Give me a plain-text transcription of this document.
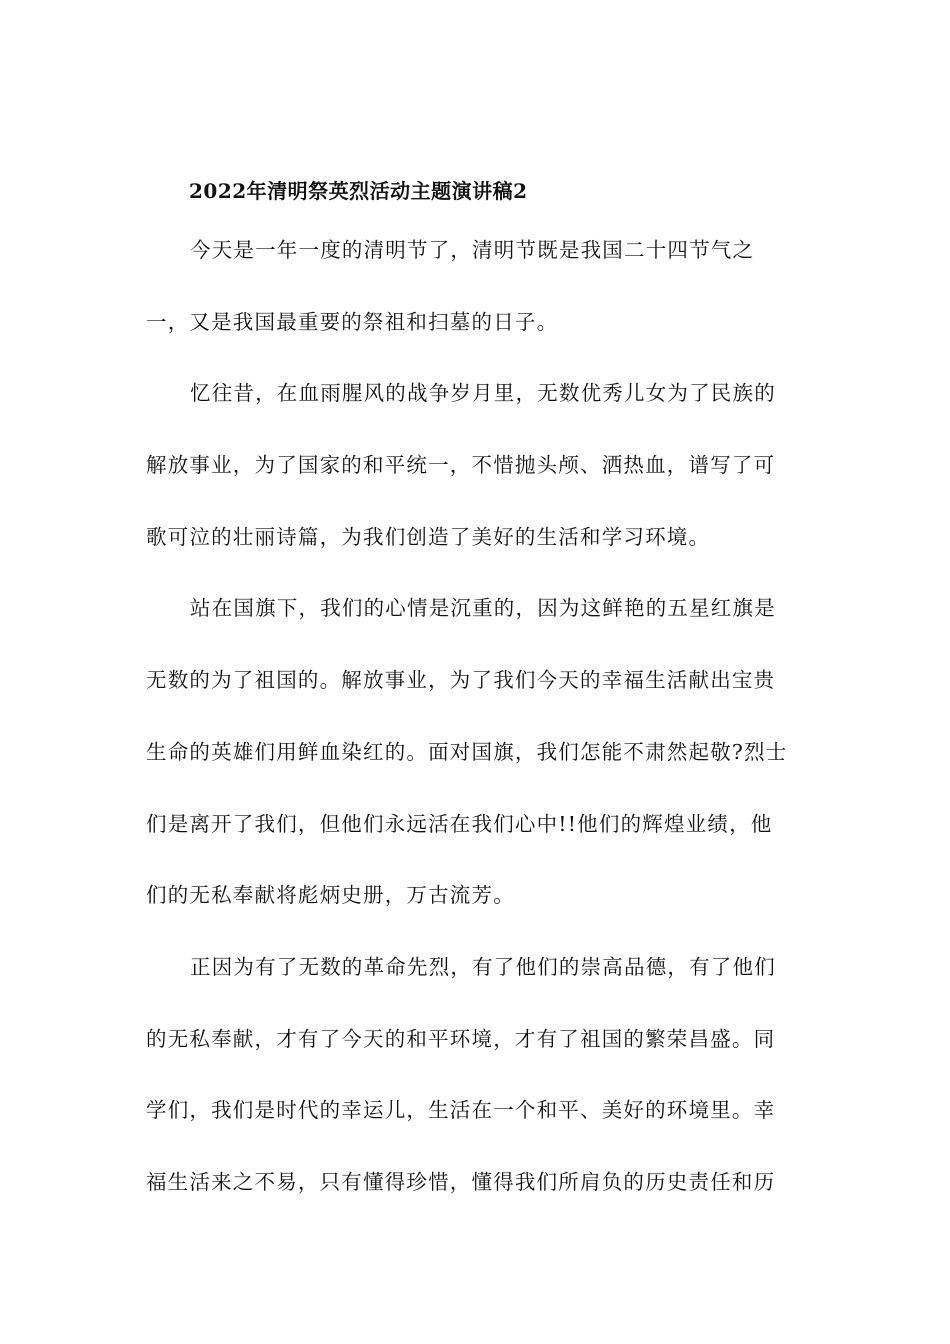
2022年清明祭英烈活动主题演讲稿2
今天是一年一度的清明节了，清明节既是我国二十四节气之
一，又是我国最重要的祭祖和扫墓的日子。
忆往昔，在血雨腥风的战争岁月里，无数优秀儿女为了民族的
解放事业，为了国家的和平统一，不惜抛头颅、洒热血，谱写了可
歌可泣的壮丽诗篇，为我们创造了美好的生活和学习环境。
站在国旗下，我们的心情是沉重的，因为这鲜艳的五星红旗是
无数的为了祖国的。解放事业，为了我们今天的幸福生活献出宝贵
生命的英雄们用鲜血染红的。面对国旗，我们怎能不肃然起敬?烈士
们是离开了我们，但他们永远活在我们心中!!他们的辉煌业绩，他
们的无私奉献将彪炳史册，万古流芳。
正因为有了无数的革命先烈，有了他们的崇高品德，有了他们
的无私奉献，才有了今天的和平环境，才有了祖国的繁荣昌盛。同
学们，我们是时代的幸运儿，生活在一个和平、美好的环境里。幸
福生活来之不易，只有懂得珍惜，懂得我们所肩负的历史责任和历
